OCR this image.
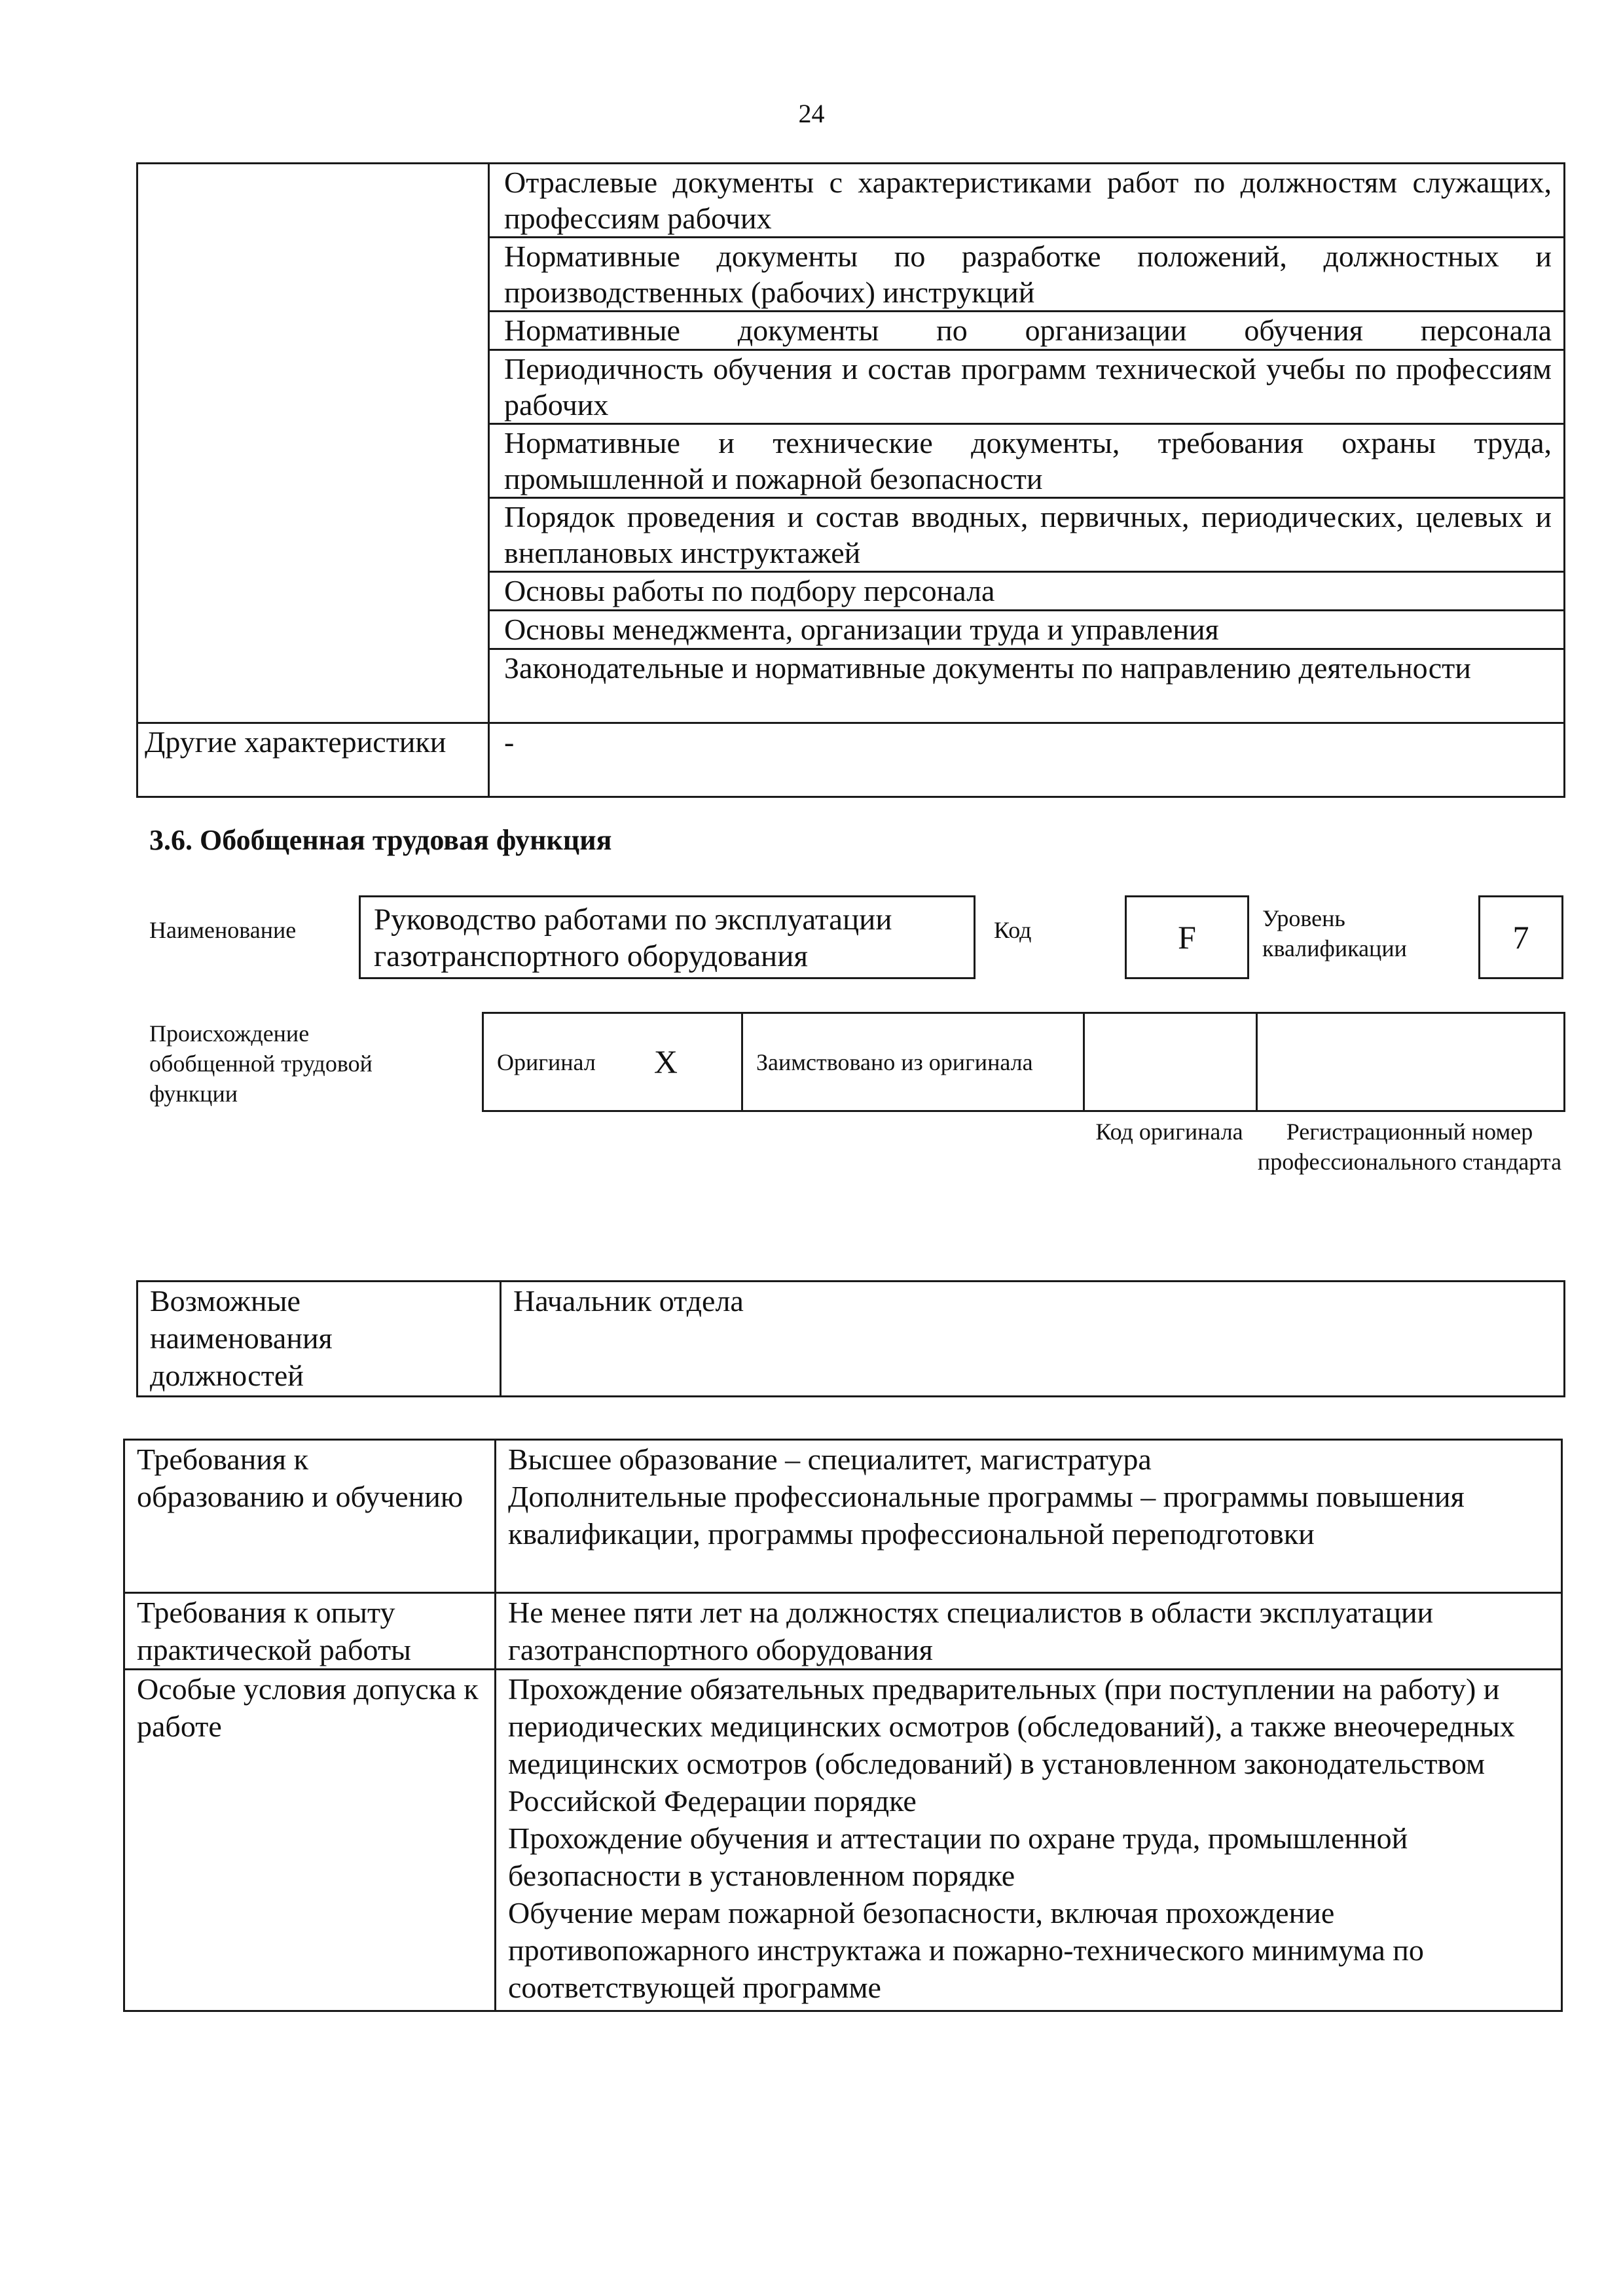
24
	Отраслевые документы с характеристиками работ по должностям служащих, профессиям рабочих
	Нормативные документы по разработке положений, должностных и производственных (рабочих) инструкций
	Нормативные документы по организации обучения персонала
	Периодичность обучения и состав программ технической учебы по профессиям рабочих
	Нормативные и технические документы, требования охраны труда, промышленной и пожарной безопасности
	Порядок проведения и состав вводных, первичных, периодических, целевых и внеплановых инструктажей
	Основы работы по подбору персонала
	Основы менеджмента, организации труда и управления
	Законодательные и нормативные документы по направлению деятельности
Другие характеристики	-
3.6. Обобщенная трудовая функция
Наименование	Руководство работами по эксплуатации газотранспортного оборудования
Код	F
Уровень квалификации	7
Происхождение обобщенной трудовой функции
Оригинал X	Заимствовано из оригинала		
Код оригинала	Регистрационный номер профессионального стандарта
Возможные наименования должностей	Начальник отдела
Требования к образованию и обучению	Высшее образование – специалитет, магистратура
Дополнительные профессиональные программы – программы повышения квалификации, программы профессиональной переподготовки

Требования к опыту практической работы	Не менее пяти лет на должностях специалистов в области эксплуатации газотранспортного оборудования

Особые условия допуска к работе	Прохождение обязательных предварительных (при поступлении на работу) и периодических медицинских осмотров (обследований), а также внеочередных медицинских осмотров (обследований) в установленном законодательством Российской Федерации порядке
Прохождение обучения и аттестации по охране труда, промышленной безопасности в установленном порядке
Обучение мерам пожарной безопасности, включая прохождение противопожарного инструктажа и пожарно-технического минимума по соответствующей программе
